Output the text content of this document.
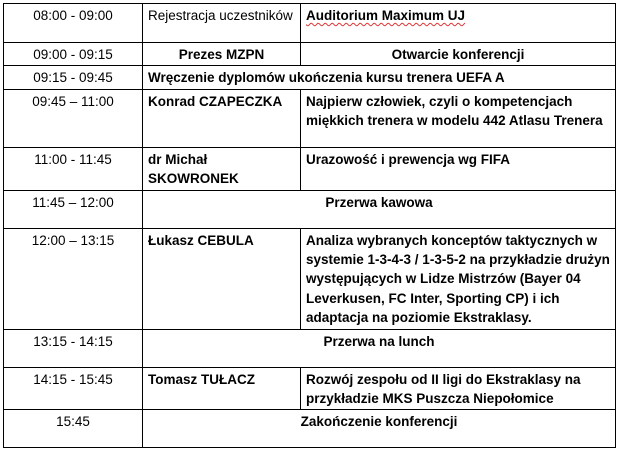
08:00 - 09:00	Rejestracja uczestników	Auditorium Maximum UJ
09:00 - 09:15	Prezes MZPN	Otwarcie konferencji
09:15 - 09:45	Wręczenie dyplomów ukończenia kursu trenera UEFA A	
09:45 – 11:00	Konrad CZAPECZKA	Najpierw człowiek, czyli o kompetencjach miękkich trenera w modelu 442 Atlasu Trenera
11:00 - 11:45	dr Michał SKOWRONEK	Urazowość i prewencja wg FIFA
11:45 – 12:00	Przerwa kawowa	
12:00 – 13:15	Łukasz CEBULA	Analiza wybranych konceptów taktycznych w systemie 1-3-4-3 / 1-3-5-2 na przykładzie drużyn występujących w Lidze Mistrzów (Bayer 04 Leverkusen, FC Inter, Sporting CP) i ich adaptacja na poziomie Ekstraklasy.
13:15 - 14:15	Przerwa na lunch	
14:15 - 15:45	Tomasz TUŁACZ	Rozwój zespołu od II ligi do Ekstraklasy na przykładzie MKS Puszcza Niepołomice
15:45	Zakończenie konferencji	
